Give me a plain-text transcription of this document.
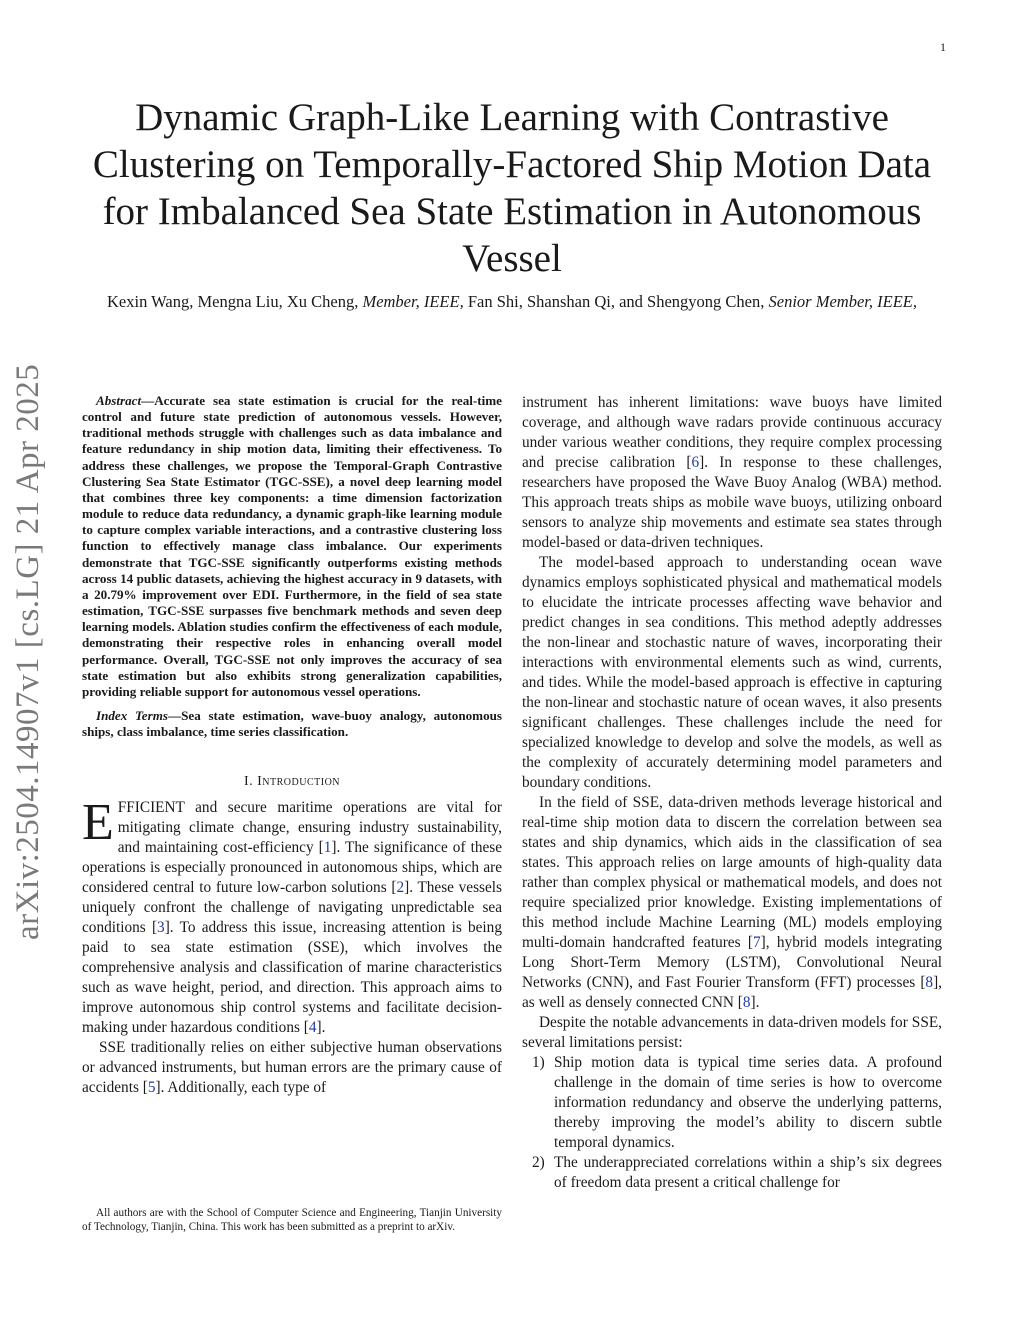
1
arXiv:2504.14907v1 [cs.LG] 21 Apr 2025
Dynamic Graph-Like Learning with Contrastive Clustering on Temporally-Factored Ship Motion Data for Imbalanced Sea State Estimation in Autonomous Vessel
Kexin Wang, Mengna Liu, Xu Cheng, Member, IEEE, Fan Shi, Shanshan Qi, and Shengyong Chen, Senior Member, IEEE,

Abstract—Accurate sea state estimation is crucial for the real-time control and future state prediction of autonomous vessels. However, traditional methods struggle with challenges such as data imbalance and feature redundancy in ship motion data, limiting their effectiveness. To address these challenges, we propose the Temporal-Graph Contrastive Clustering Sea State Estimator (TGC-SSE), a novel deep learning model that combines three key components: a time dimension factorization module to reduce data redundancy, a dynamic graph-like learning module to capture complex variable interactions, and a contrastive clustering loss function to effectively manage class imbalance. Our experiments demonstrate that TGC-SSE significantly outperforms existing methods across 14 public datasets, achieving the highest accuracy in 9 datasets, with a 20.79% improvement over EDI. Furthermore, in the field of sea state estimation, TGC-SSE surpasses five benchmark methods and seven deep learning models. Ablation studies confirm the effectiveness of each module, demonstrating their respective roles in enhancing overall model performance. Overall, TGC-SSE not only improves the accuracy of sea state estimation but also exhibits strong generalization capabilities, providing reliable support for autonomous vessel operations.

Index Terms—Sea state estimation, wave-buoy analogy, autonomous ships, class imbalance, time series classification.

I. Introduction

EFFICIENT and secure maritime operations are vital for mitigating climate change, ensuring industry sustainability, and maintaining cost-efficiency [1]. The significance of these operations is especially pronounced in autonomous ships, which are considered central to future low-carbon solutions [2]. These vessels uniquely confront the challenge of navigating unpredictable sea conditions [3]. To address this issue, increasing attention is being paid to sea state estimation (SSE), which involves the comprehensive analysis and classification of marine characteristics such as wave height, period, and direction. This approach aims to improve autonomous ship control systems and facilitate decision-making under hazardous conditions [4].

SSE traditionally relies on either subjective human observations or advanced instruments, but human errors are the primary cause of accidents [5]. Additionally, each type of

All authors are with the School of Computer Science and Engineering, Tianjin University of Technology, Tianjin, China. This work has been submitted as a preprint to arXiv.

instrument has inherent limitations: wave buoys have limited coverage, and although wave radars provide continuous accuracy under various weather conditions, they require complex processing and precise calibration [6]. In response to these challenges, researchers have proposed the Wave Buoy Analog (WBA) method. This approach treats ships as mobile wave buoys, utilizing onboard sensors to analyze ship movements and estimate sea states through model-based or data-driven techniques.

The model-based approach to understanding ocean wave dynamics employs sophisticated physical and mathematical models to elucidate the intricate processes affecting wave behavior and predict changes in sea conditions. This method adeptly addresses the non-linear and stochastic nature of waves, incorporating their interactions with environmental elements such as wind, currents, and tides. While the model-based approach is effective in capturing the non-linear and stochastic nature of ocean waves, it also presents significant challenges. These challenges include the need for specialized knowledge to develop and solve the models, as well as the complexity of accurately determining model parameters and boundary conditions.

In the field of SSE, data-driven methods leverage historical and real-time ship motion data to discern the correlation between sea states and ship dynamics, which aids in the classification of sea states. This approach relies on large amounts of high-quality data rather than complex physical or mathematical models, and does not require specialized prior knowledge. Existing implementations of this method include Machine Learning (ML) models employing multi-domain handcrafted features [7], hybrid models integrating Long Short-Term Memory (LSTM), Convolutional Neural Networks (CNN), and Fast Fourier Transform (FFT) processes [8], as well as densely connected CNN [8].

Despite the notable advancements in data-driven models for SSE, several limitations persist:

1) Ship motion data is typical time series data. A profound challenge in the domain of time series is how to overcome information redundancy and observe the underlying patterns, thereby improving the model’s ability to discern subtle temporal dynamics.
2) The underappreciated correlations within a ship’s six degrees of freedom data present a critical challenge for
